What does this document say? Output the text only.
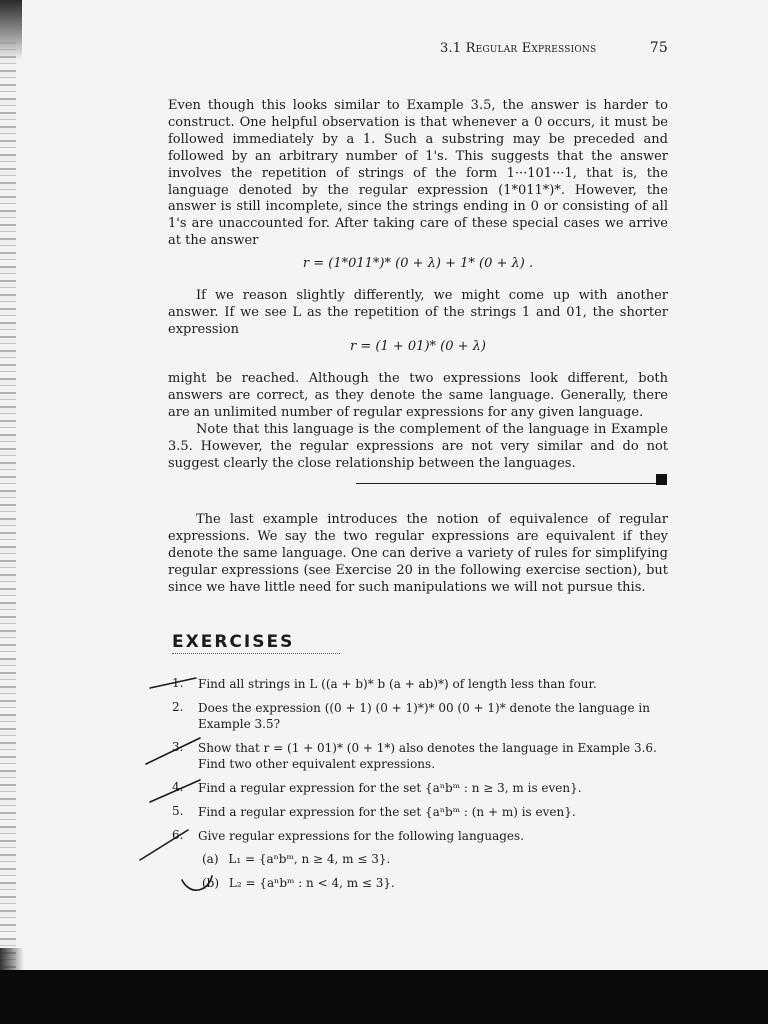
3.1 Regular Expressions	75

Even though this looks similar to Example 3.5, the answer is harder to construct. One helpful observation is that whenever a 0 occurs, it must be followed immediately by a 1. Such a substring may be preceded and followed by an arbitrary number of 1's. This suggests that the answer involves the repetition of strings of the form 1···101···1, that is, the language denoted by the regular expression (1*011*)*. However, the answer is still incomplete, since the strings ending in 0 or consisting of all 1's are unaccounted for. After taking care of these special cases we arrive at the answer

r = (1*011*)* (0 + λ) + 1* (0 + λ) .

If we reason slightly differently, we might come up with another answer. If we see L as the repetition of the strings 1 and 01, the shorter expression

r = (1 + 01)* (0 + λ)

might be reached. Although the two expressions look different, both answers are correct, as they denote the same language. Generally, there are an unlimited number of regular expressions for any given language.

Note that this language is the complement of the language in Example 3.5. However, the regular expressions are not very similar and do not suggest clearly the close relationship between the languages.

The last example introduces the notion of equivalence of regular expressions. We say the two regular expressions are equivalent if they denote the same language. One can derive a variety of rules for simplifying regular expressions (see Exercise 20 in the following exercise section), but since we have little need for such manipulations we will not pursue this.

EXERCISES
1.	Find all strings in L ((a + b)* b (a + ab)*) of length less than four.
2.	Does the expression ((0 + 1) (0 + 1)*)* 00 (0 + 1)* denote the language in Example 3.5?
3.	Show that r = (1 + 01)* (0 + 1*) also denotes the language in Example 3.6. Find two other equivalent expressions.
4.	Find a regular expression for the set {aⁿbᵐ : n ≥ 3, m is even}.
5.	Find a regular expression for the set {aⁿbᵐ : (n + m) is even}.
6.	Give regular expressions for the following languages.
(a) L₁ = {aⁿbᵐ, n ≥ 4, m ≤ 3}.
(b) L₂ = {aⁿbᵐ : n < 4, m ≤ 3}.
